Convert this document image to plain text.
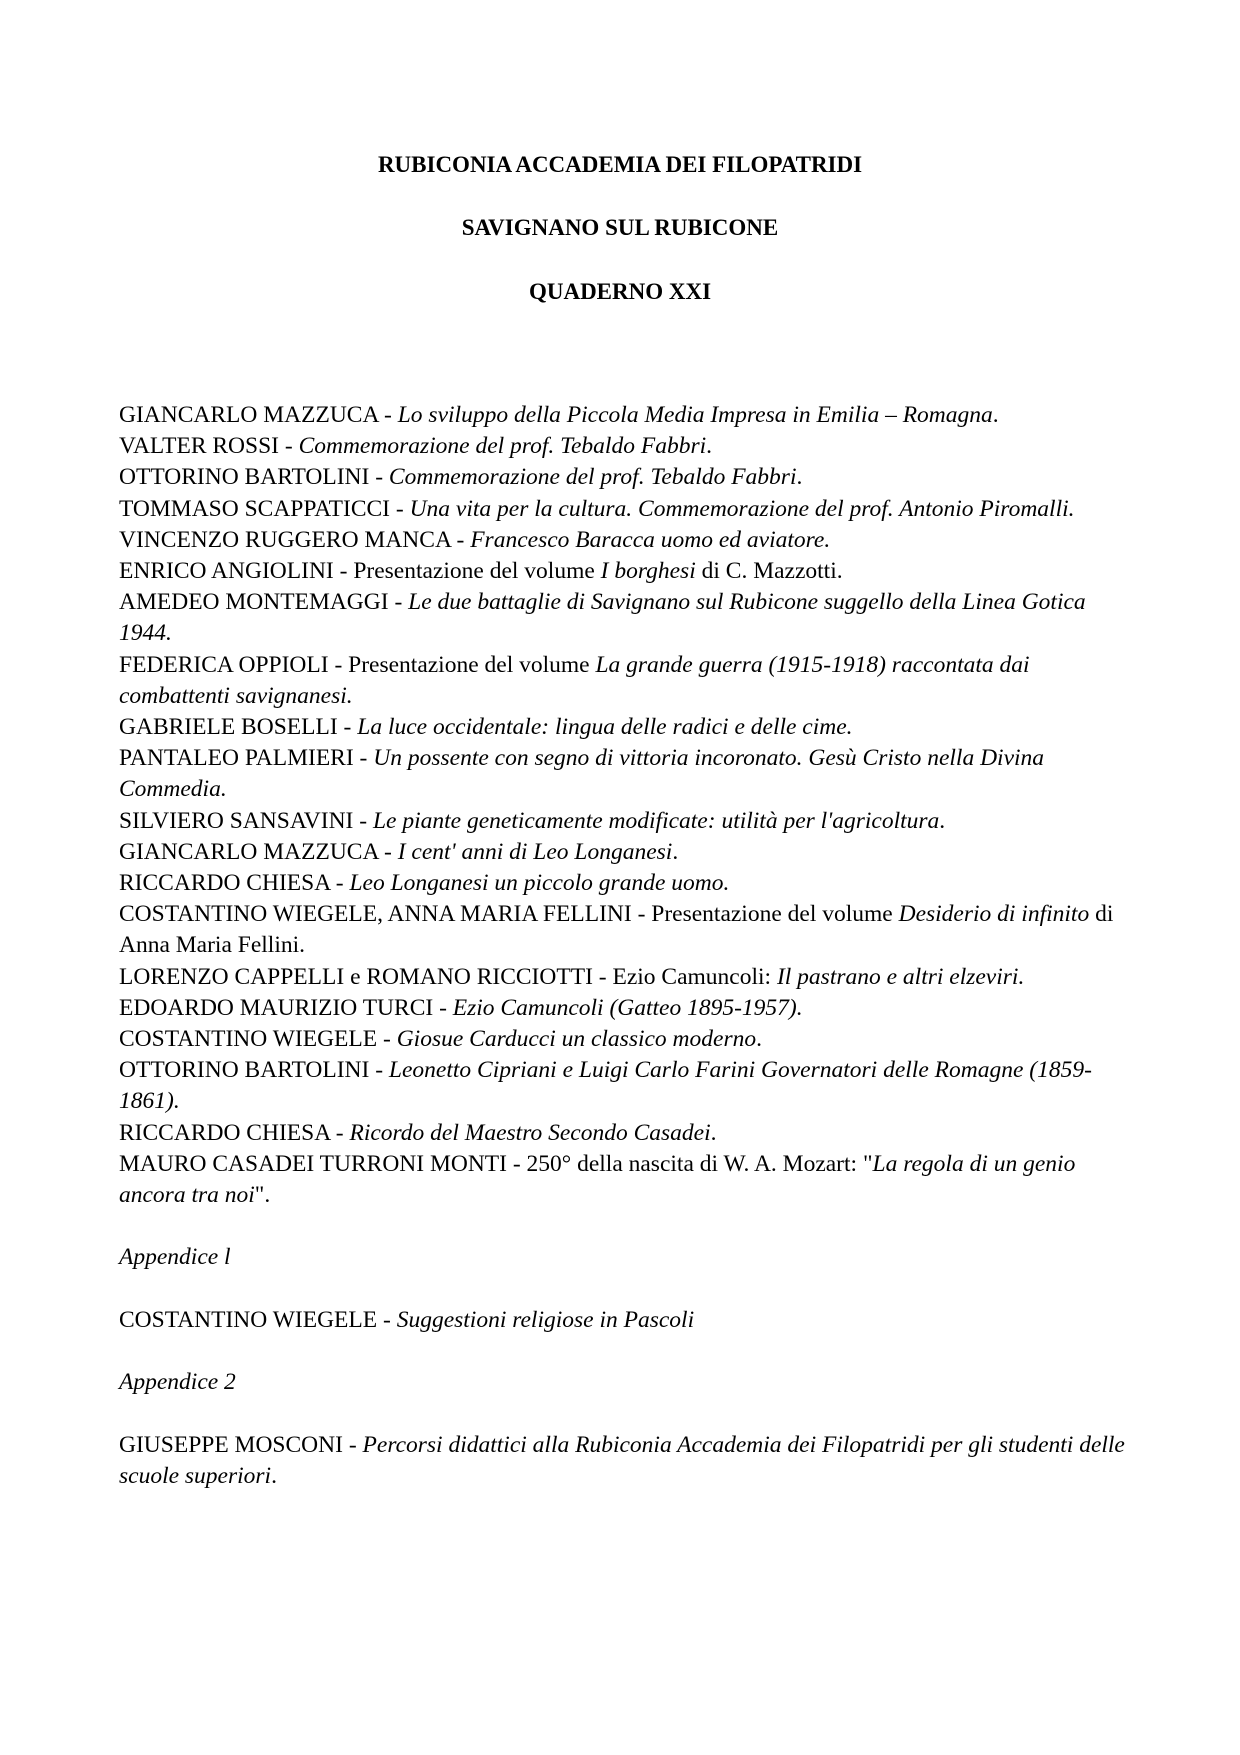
RUBICONIA ACCADEMIA DEI FILOPATRIDI

SAVIGNANO SUL RUBICONE

QUADERNO XXI

GIANCARLO MAZZUCA - Lo sviluppo della Piccola Media Impresa in Emilia – Romagna.

VALTER ROSSI - Commemorazione del prof. Tebaldo Fabbri.

OTTORINO BARTOLINI - Commemorazione del prof. Tebaldo Fabbri.

TOMMASO SCAPPATICCI - Una vita per la cultura. Commemorazione del prof. Antonio Piromalli.

VINCENZO RUGGERO MANCA - Francesco Baracca uomo ed aviatore.

ENRICO ANGIOLINI - Presentazione del volume I borghesi di C. Mazzotti.

AMEDEO MONTEMAGGI - Le due battaglie di Savignano sul Rubicone suggello della Linea Gotica 1944.

FEDERICA OPPIOLI - Presentazione del volume La grande guerra (1915-1918) raccontata dai combattenti savignanesi.

GABRIELE BOSELLI - La luce occidentale: lingua delle radici e delle cime.

PANTALEO PALMIERI - Un possente con segno di vittoria incoronato. Gesù Cristo nella Divina Commedia.

SILVIERO SANSAVINI - Le piante geneticamente modificate: utilità per l'agricoltura.

GIANCARLO MAZZUCA - I cent' anni di Leo Longanesi.

RICCARDO CHIESA - Leo Longanesi un piccolo grande uomo.

COSTANTINO WIEGELE, ANNA MARIA FELLINI - Presentazione del volume Desiderio di infinito di Anna Maria Fellini.

LORENZO CAPPELLI e ROMANO RICCIOTTI - Ezio Camuncoli: Il pastrano e altri elzeviri.

EDOARDO MAURIZIO TURCI - Ezio Camuncoli (Gatteo 1895-1957).

COSTANTINO WIEGELE - Giosue Carducci un classico moderno.

OTTORINO BARTOLINI - Leonetto Cipriani e Luigi Carlo Farini Governatori delle Romagne (1859-1861).

RICCARDO CHIESA - Ricordo del Maestro Secondo Casadei.

MAURO CASADEI TURRONI MONTI - 250° della nascita di W. A. Mozart: "La regola di un genio ancora tra noi".

Appendice l

COSTANTINO WIEGELE - Suggestioni religiose in Pascoli

Appendice 2

GIUSEPPE MOSCONI - Percorsi didattici alla Rubiconia Accademia dei Filopatridi per gli studenti delle scuole superiori.
